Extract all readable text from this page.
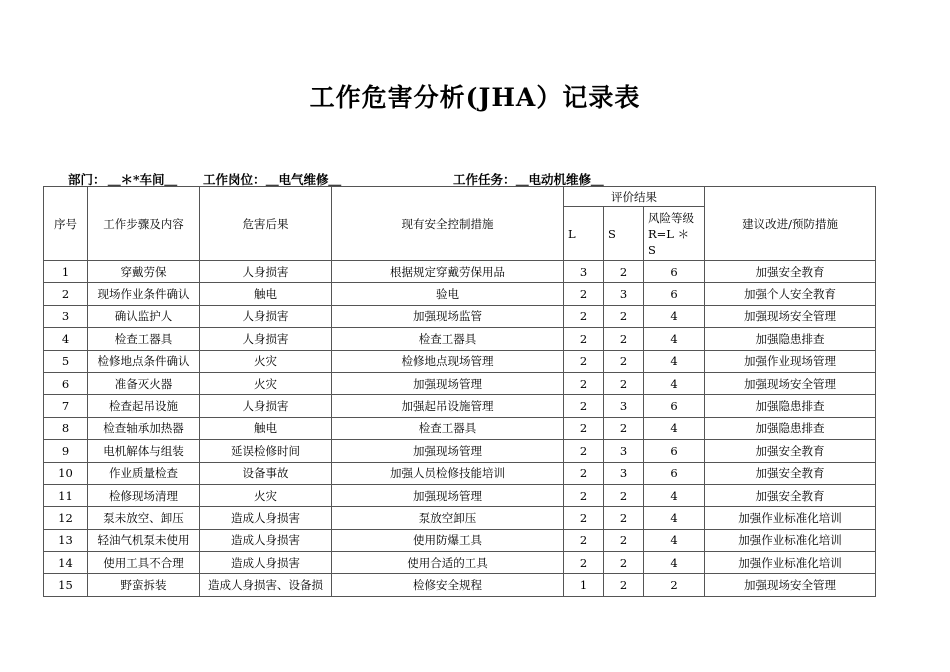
工作危害分析(JHA）记录表
部门： ＿＊*车间＿ 工作岗位： ＿电气维修＿	工作任务： ＿电动机维修＿
序号	工作步骤及内容	危害后果	现有安全控制措施	评价结果			建议改进/预防措施
				L	S	风险等级 R=L ＊ S	
1	穿戴劳保	人身损害	根据规定穿戴劳保用品	3	2	6	加强安全教育
2	现场作业条件确认	触电	验电	2	3	6	加强个人安全教育
3	确认监护人	人身损害	加强现场监管	2	2	4	加强现场安全管理
4	检查工器具	人身损害	检查工器具	2	2	4	加强隐患排查
5	检修地点条件确认	火灾	检修地点现场管理	2	2	4	加强作业现场管理
6	准备灭火器	火灾	加强现场管理	2	2	4	加强现场安全管理
7	检查起吊设施	人身损害	加强起吊设施管理	2	3	6	加强隐患排查
8	检查轴承加热器	触电	检查工器具	2	2	4	加强隐患排查
9	电机解体与组装	延误检修时间	加强现场管理	2	3	6	加强安全教育
10	作业质量检查	设备事故	加强人员检修技能培训	2	3	6	加强安全教育
11	检修现场清理	火灾	加强现场管理	2	2	4	加强安全教育
12	泵未放空、卸压	造成人身损害	泵放空卸压	2	2	4	加强作业标准化培训
13	轻油气机泵未使用	造成人身损害	使用防爆工具	2	2	4	加强作业标准化培训
14	使用工具不合理	造成人身损害	使用合适的工具	2	2	4	加强作业标准化培训
15	野蛮拆装	造成人身损害、设备损	检修安全规程	1	2	2	加强现场安全管理
